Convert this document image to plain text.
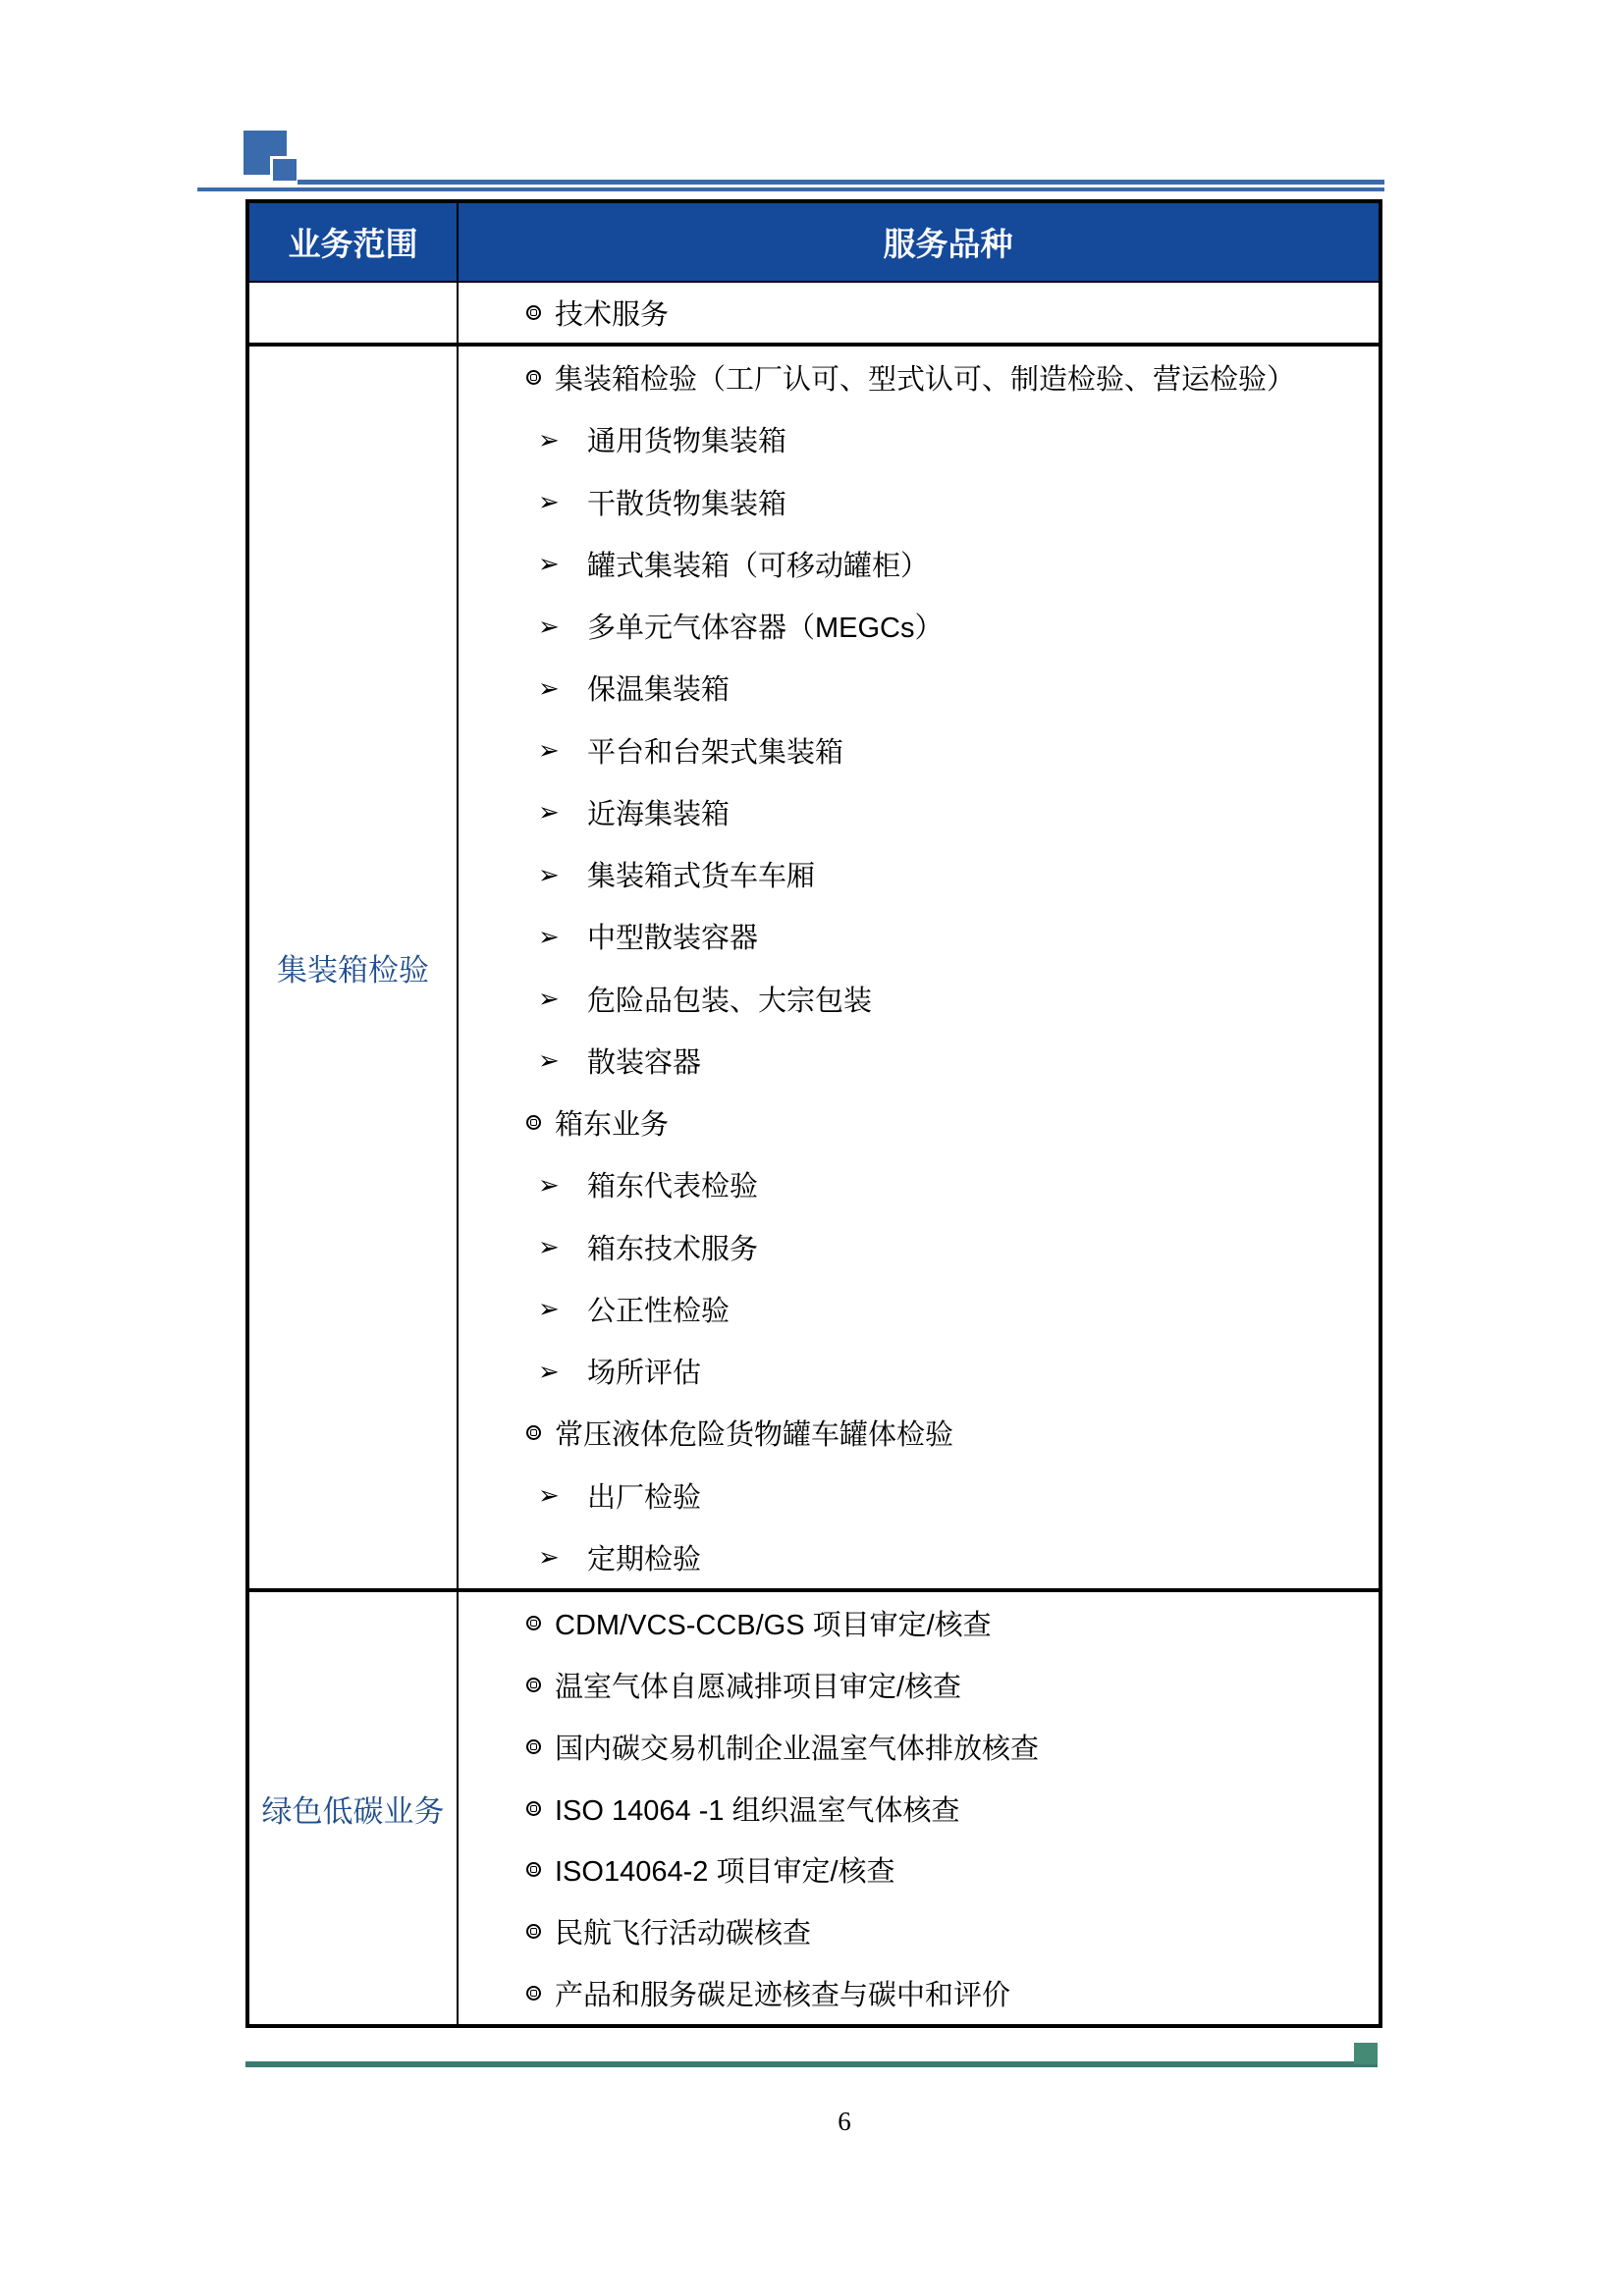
业务范围	服务品种
技术服务
集装箱检验
集装箱检验（工厂认可、型式认可、制造检验、营运检验）
➢ 通用货物集装箱
➢ 干散货物集装箱
➢ 罐式集装箱（可移动罐柜）
➢ 多单元气体容器（MEGCs）
➢ 保温集装箱
➢ 平台和台架式集装箱
➢ 近海集装箱
➢ 集装箱式货车车厢
➢ 中型散装容器
➢ 危险品包装、大宗包装
➢ 散装容器
箱东业务
➢ 箱东代表检验
➢ 箱东技术服务
➢ 公正性检验
➢ 场所评估
常压液体危险货物罐车罐体检验
➢ 出厂检验
➢ 定期检验
绿色低碳业务
CDM/VCS-CCB/GS 项目审定/核查
温室气体自愿减排项目审定/核查
国内碳交易机制企业温室气体排放核查
ISO 14064 -1 组织温室气体核查
ISO14064-2 项目审定/核查
民航飞行活动碳核查
产品和服务碳足迹核查与碳中和评价
6
